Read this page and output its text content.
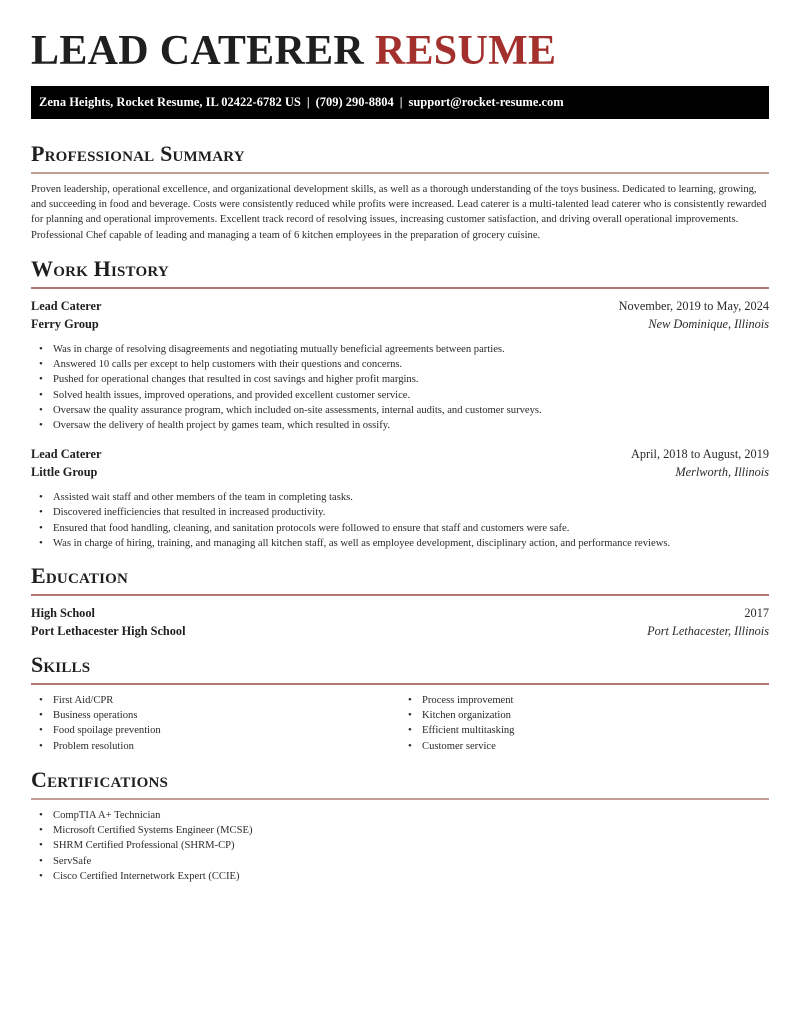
LEAD CATERER RESUME
Zena Heights, Rocket Resume, IL 02422-6782 US | (709) 290-8804 | support@rocket-resume.com
Professional Summary

Proven leadership, operational excellence, and organizational development skills, as well as a thorough understanding of the toys business. Dedicated to learning, growing, and succeeding in food and beverage. Costs were consistently reduced while profits were increased. Lead caterer is a multi-talented lead caterer who is consistently rewarded for planning and operational improvements. Excellent track record of resolving issues, increasing customer satisfaction, and driving overall operational improvements. Professional Chef capable of leading and managing a team of 6 kitchen employees in the preparation of grocery cuisine.

Work History
Lead Caterer	November, 2019 to May, 2024
Ferry Group	New Dominique, Illinois
• Was in charge of resolving disagreements and negotiating mutually beneficial agreements between parties.
• Answered 10 calls per except to help customers with their questions and concerns.
• Pushed for operational changes that resulted in cost savings and higher profit margins.
• Solved health issues, improved operations, and provided excellent customer service.
• Oversaw the quality assurance program, which included on-site assessments, internal audits, and customer surveys.
• Oversaw the delivery of health project by games team, which resulted in ossify.
Lead Caterer	April, 2018 to August, 2019
Little Group	Merlworth, Illinois
• Assisted wait staff and other members of the team in completing tasks.
• Discovered inefficiencies that resulted in increased productivity.
• Ensured that food handling, cleaning, and sanitation protocols were followed to ensure that staff and customers were safe.
• Was in charge of hiring, training, and managing all kitchen staff, as well as employee development, disciplinary action, and performance reviews.
Education
High School	2017
Port Lethacester High School	Port Lethacester, Illinois
Skills
• First Aid/CPR
• Business operations
• Food spoilage prevention
• Problem resolution
• Process improvement
• Kitchen organization
• Efficient multitasking
• Customer service
Certifications
• CompTIA A+ Technician
• Microsoft Certified Systems Engineer (MCSE)
• SHRM Certified Professional (SHRM-CP)
• ServSafe
• Cisco Certified Internetwork Expert (CCIE)
